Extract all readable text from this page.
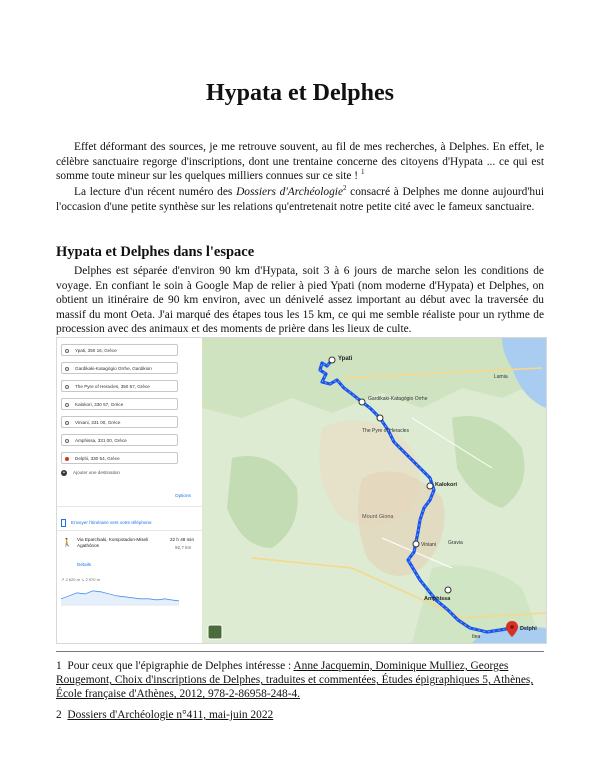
Hypata et Delphes

Effet déformant des sources, je me retrouve souvent, au fil de mes recherches, à Delphes. En effet, le célèbre sanctuaire regorge d'inscriptions, dont une trentaine concerne des citoyens d'Hypata ... ce qui est somme toute mineur sur les quelques milliers connues sur ce site ! $^1$

La lecture d'un récent numéro des Dossiers d'Archéologie$^2$ consacré à Delphes me donne aujourd'hui l'occasion d'une petite synthèse sur les relations qu'entretenait notre petite cité avec le fameux sanctuaire.

Hypata et Delphes dans l'espace

Delphes est séparée d'environ 90 km d'Hypata, soit 3 à 6 jours de marche selon les conditions de voyage. En confiant le soin à Google Map de relier à pied Ypati (nom moderne d'Hypata) et Delphes, on obtient un itinéraire de 90 km environ, avec un dénivelé assez important au début avec la traversée du massif du mont Oeta. J'ai marqué des étapes tous les 15 km, ce qui me semble réaliste pour un rythme de procession avec des animaux et des moments de prière dans les lieux de culte.

Ypati, 350 16, Grèce
Gardikaki-Katagógio Orrhe, Gardikion
The Pyre of Heracles, 350 57, Grèce
Kalokori, 330 57, Grèce
Viniani, 331 00, Grèce
Amphissa, 331 00, Grèce
Delphi, 330 54, Grèce
+ Ajouter une destination
Options
Envoyer l'itinéraire vers votre téléphone
🚶 Via Eparchiaki, Kompotadon-Miseli Agathónos
22 h 48 min
92,7 km
Détails
↗ 2 620 m ↘ 2 970 m
Ypati
Gardikaki-Katagógio Orrhe
The Pyre of Heracles
Kalokori
Mount Giona
Viniani
Amphissa
Delphi
Lamia
Gravia
Itea

1 Pour ceux que l'épigraphie de Delphes intéresse : Anne Jacquemin, Dominique Mulliez, Georges Rougemont, Choix d'inscriptions de Delphes, traduites et commentées, Études épigraphiques 5, Athènes, École française d'Athènes, 2012, 978-2-86958-248-4.

2 Dossiers d'Archéologie n°411, mai-juin 2022
